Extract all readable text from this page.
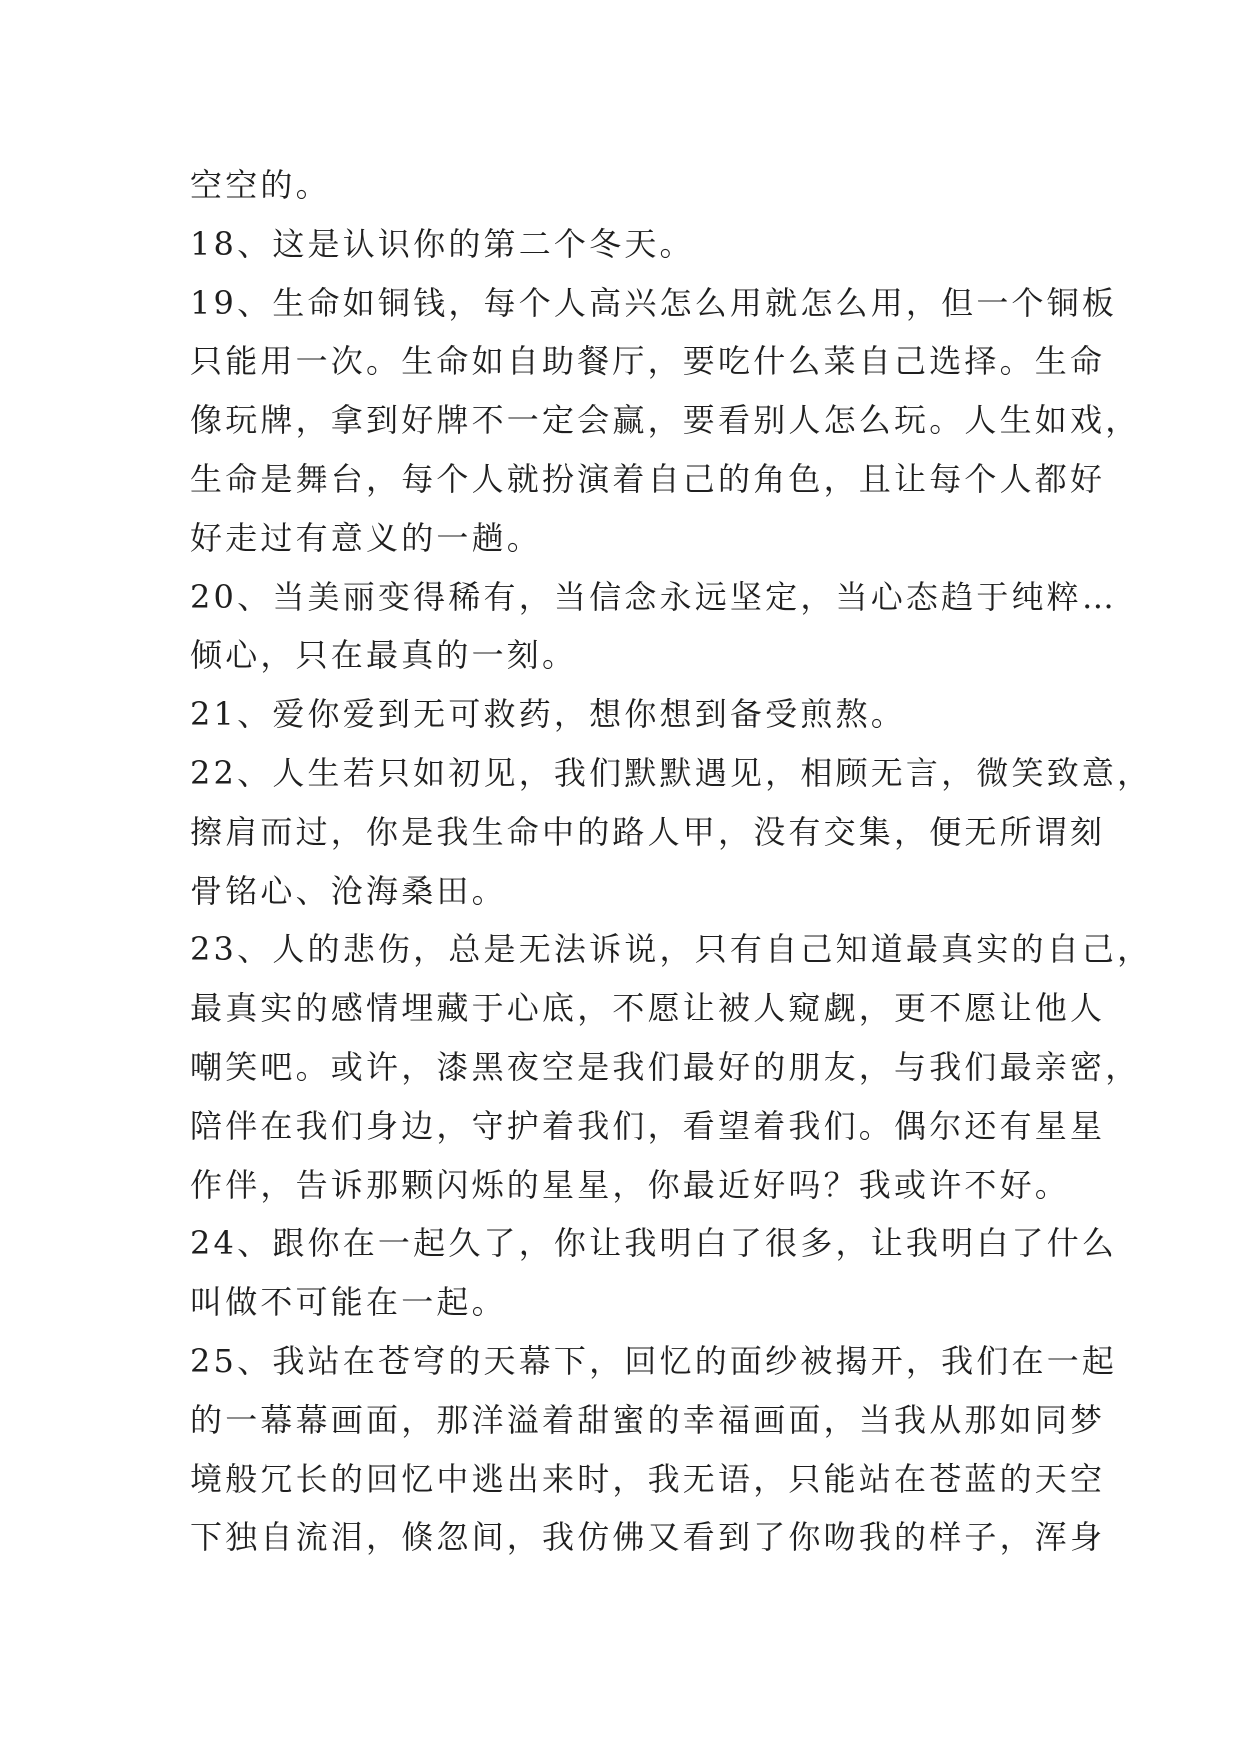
空空的。
18、这是认识你的第二个冬天。
19、生命如铜钱，每个人高兴怎么用就怎么用，但一个铜板
只能用一次。生命如自助餐厅，要吃什么菜自己选择。生命
像玩牌，拿到好牌不一定会赢，要看别人怎么玩。人生如戏，
生命是舞台，每个人就扮演着自己的角色，且让每个人都好
好走过有意义的一趟。
20、当美丽变得稀有，当信念永远坚定，当心态趋于纯粹…
倾心，只在最真的一刻。
21、爱你爱到无可救药，想你想到备受煎熬。
22、人生若只如初见，我们默默遇见，相顾无言，微笑致意，
擦肩而过，你是我生命中的路人甲，没有交集，便无所谓刻
骨铭心、沧海桑田。
23、人的悲伤，总是无法诉说，只有自己知道最真实的自己，
最真实的感情埋藏于心底，不愿让被人窥觑，更不愿让他人
嘲笑吧。或许，漆黑夜空是我们最好的朋友，与我们最亲密，
陪伴在我们身边，守护着我们，看望着我们。偶尔还有星星
作伴，告诉那颗闪烁的星星，你最近好吗？我或许不好。
24、跟你在一起久了，你让我明白了很多，让我明白了什么
叫做不可能在一起。
25、我站在苍穹的天幕下，回忆的面纱被揭开，我们在一起
的一幕幕画面，那洋溢着甜蜜的幸福画面，当我从那如同梦
境般冗长的回忆中逃出来时，我无语，只能站在苍蓝的天空
下独自流泪，倏忽间，我仿佛又看到了你吻我的样子，浑身
